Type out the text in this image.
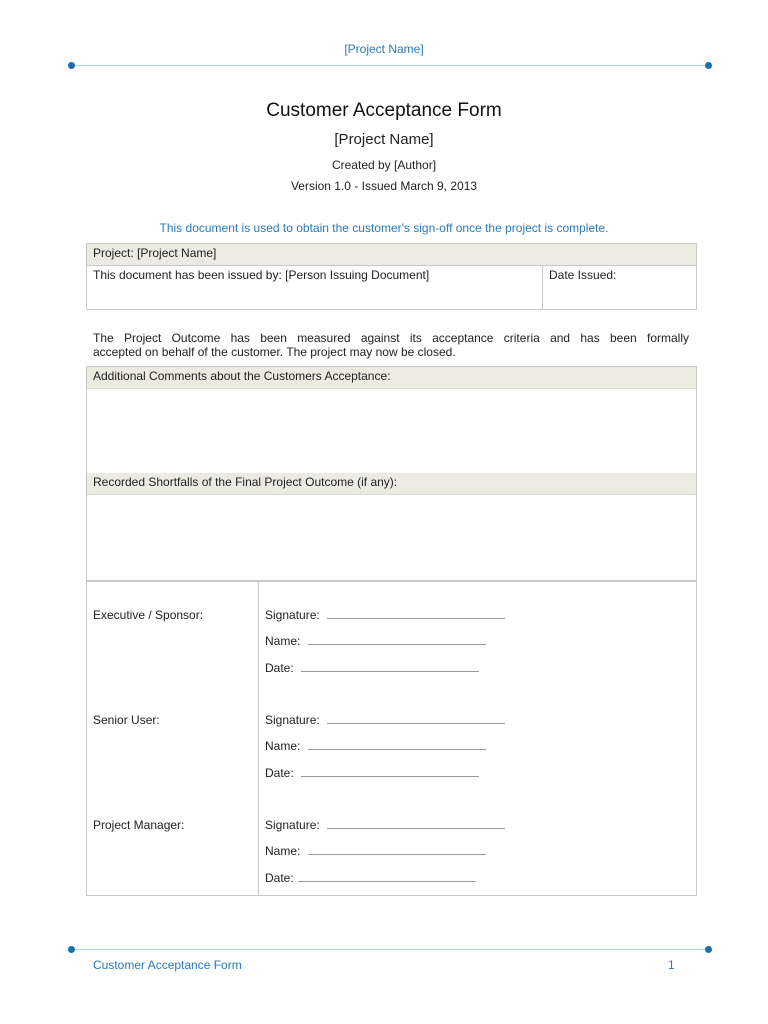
[Project Name]
Customer Acceptance Form
[Project Name]
Created by [Author]
Version 1.0 - Issued March 9, 2013
This document is used to obtain the customer's sign-off once the project is complete.
Project: [Project Name]
This document has been issued by: [Person Issuing Document]	Date Issued:
The Project Outcome has been measured against its acceptance criteria and has been formally
accepted on behalf of the customer. The project may now be closed.
Additional Comments about the Customers Acceptance:
Recorded Shortfalls of the Final Project Outcome (if any):
Executive / Sponsor:	Signature:
Name:
Date:
Senior User:	Signature:
Name:
Date:
Project Manager:	Signature:
Name:
Date:
Customer Acceptance Form	1
